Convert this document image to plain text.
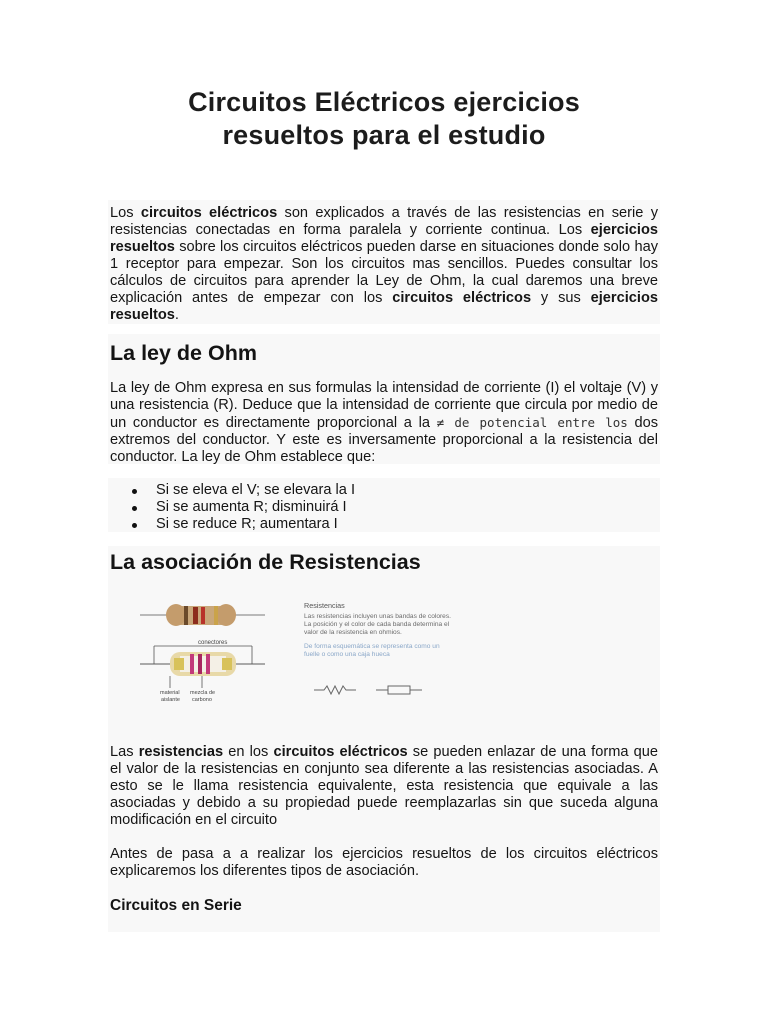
Circuitos Eléctricos ejercicios
resueltos para el estudio

Los circuitos eléctricos son explicados a través de las resistencias en serie y resistencias conectadas en forma paralela y corriente continua. Los ejercicios resueltos sobre los circuitos eléctricos pueden darse en situaciones donde solo hay 1 receptor para empezar. Son los circuitos mas sencillos. Puedes consultar los cálculos de circuitos para aprender la Ley de Ohm, la cual daremos una breve explicación antes de empezar con los circuitos eléctricos y sus ejercicios resueltos.

La ley de Ohm

La ley de Ohm expresa en sus formulas la intensidad de corriente (I) el voltaje (V) y una resistencia (R). Deduce que la intensidad de corriente que circula por medio de un conductor es directamente proporcional a la ≠ de potencial entre los dos extremos del conductor. Y este es inversamente proporcional a la resistencia del conductor. La ley de Ohm establece que:

Si se eleva el V; se elevara la I
Si se aumenta R; disminuirá I
Si se reduce R; aumentara I
La asociación de Resistencias
conectores
material
aislante
mezcla de
carbono
Resistencias
Las resistencias incluyen unas bandas de colores. La posición y el color de cada banda determina el valor de la resistencia en ohmios.
De forma esquemática se representa como un fuelle o como una caja hueca

Las resistencias en los circuitos eléctricos se pueden enlazar de una forma que el valor de la resistencias en conjunto sea diferente a las resistencias asociadas. A esto se le llama resistencia equivalente, esta resistencia que equivale a las asociadas y debido a su propiedad puede reemplazarlas sin que suceda alguna modificación en el circuito

Antes de pasa a a realizar los ejercicios resueltos de los circuitos eléctricos explicaremos los diferentes tipos de asociación.

Circuitos en Serie
